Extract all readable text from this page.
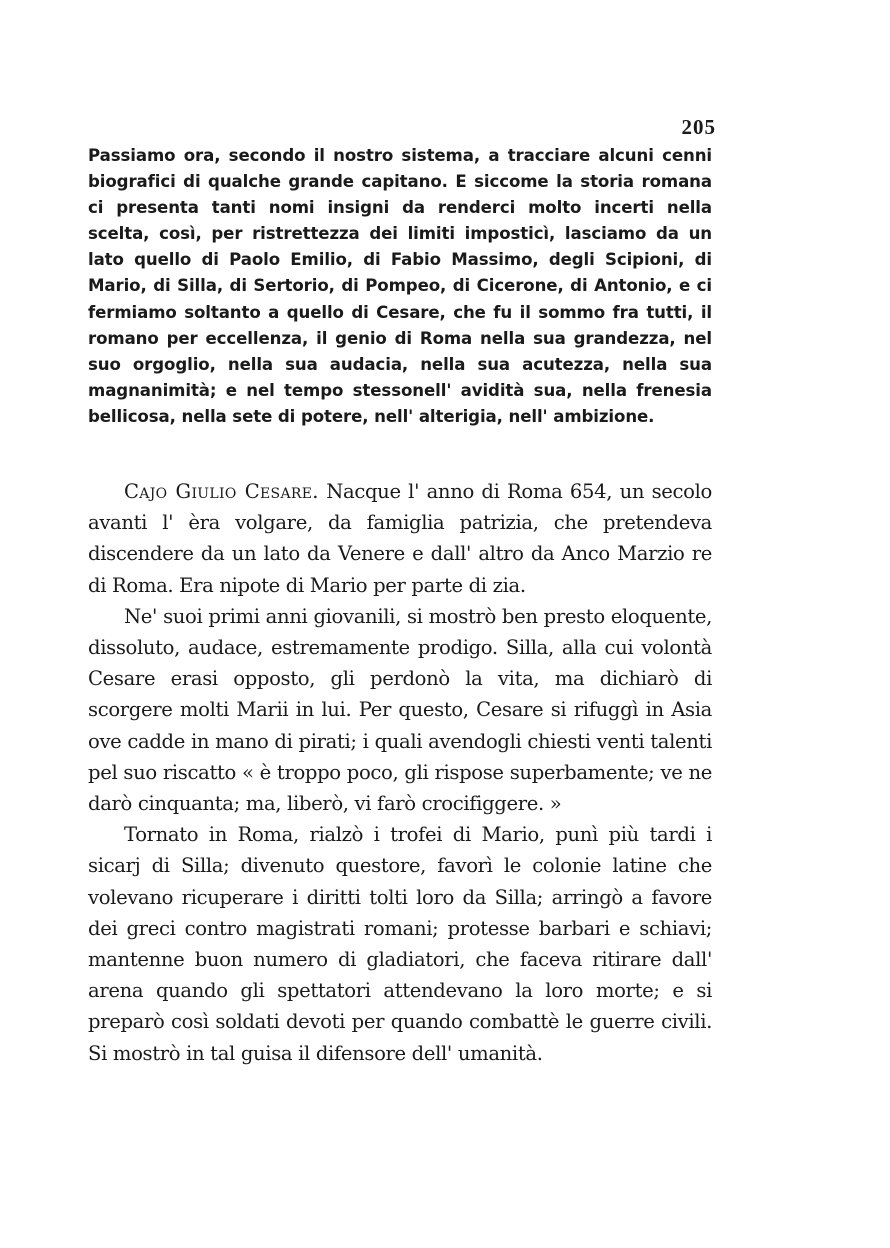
205

Passiamo ora, secondo il nostro sistema, a tracciare alcuni cenni biografici di qualche grande capitano. E siccome la storia romana ci presenta tanti nomi insigni da renderci molto incerti nella scelta, così, per ristrettezza dei limiti imposticì, lasciamo da un lato quello di Paolo Emilio, di Fabio Massimo, degli Scipioni, di Mario, di Silla, di Sertorio, di Pompeo, di Cicerone, di Antonio, e ci fermiamo soltanto a quello di Cesare, che fu il sommo fra tutti, il romano per eccellenza, il genio di Roma nella sua grandezza, nel suo orgoglio, nella sua audacia, nella sua acutezza, nella sua magnanimità; e nel tempo stessonell' avidità sua, nella frenesia bellicosa, nella sete di potere, nell' alterigia, nell' ambizione.

Cajo Giulio Cesare. Nacque l' anno di Roma 654, un secolo avanti l' èra volgare, da famiglia patrizia, che pretendeva discendere da un lato da Venere e dall' altro da Anco Marzio re di Roma. Era nipote di Mario per parte di zia.

Ne' suoi primi anni giovanili, si mostrò ben presto eloquente, dissoluto, audace, estremamente prodigo. Silla, alla cui volontà Cesare erasi opposto, gli perdonò la vita, ma dichiarò di scorgere molti Marii in lui. Per questo, Cesare si rifuggì in Asia ove cadde in mano di pirati; i quali avendogli chiesti venti talenti pel suo riscatto « è troppo poco, gli rispose superbamente; ve ne darò cinquanta; ma, liberò, vi farò crocifiggere. »

Tornato in Roma, rialzò i trofei di Mario, punì più tardi i sicarj di Silla; divenuto questore, favorì le colonie latine che volevano ricuperare i diritti tolti loro da Silla; arringò a favore dei greci contro magistrati romani; protesse barbari e schiavi; mantenne buon numero di gladiatori, che faceva ritirare dall' arena quando gli spettatori attendevano la loro morte; e si preparò così soldati devoti per quando combattè le guerre civili. Si mostrò in tal guisa il difensore dell' umanità.
